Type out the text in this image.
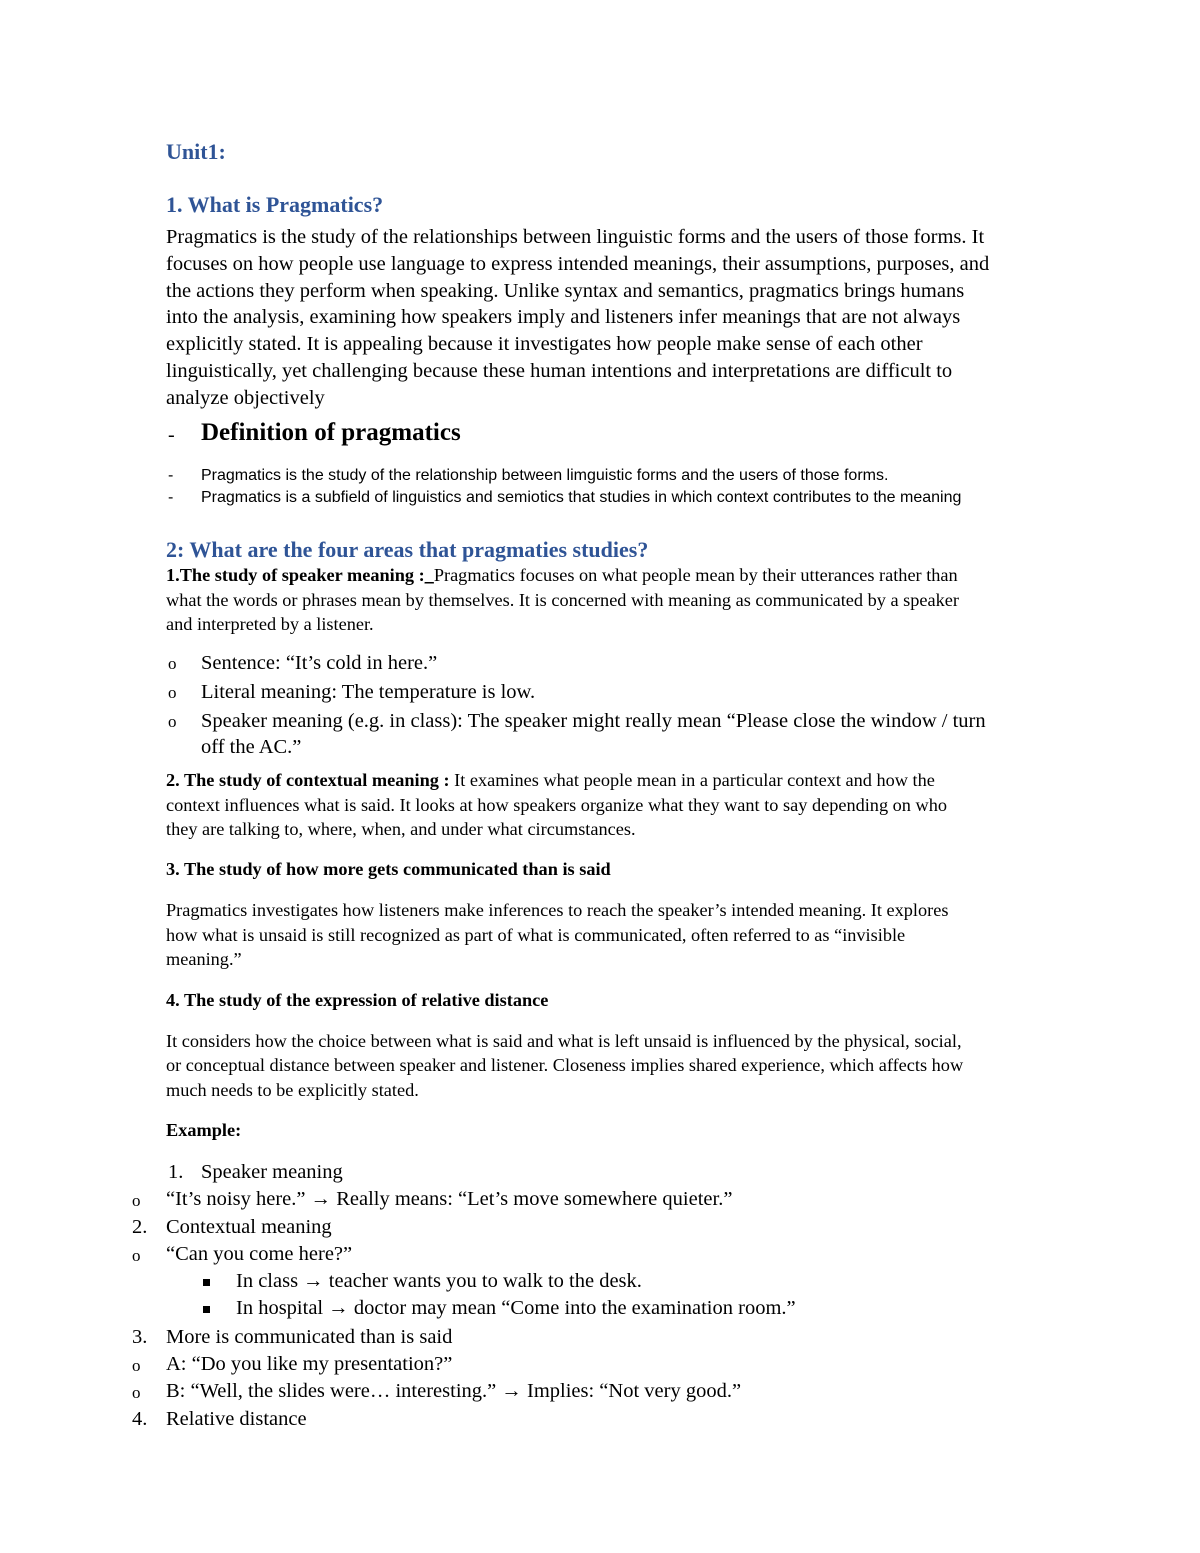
Unit1:
1. What is Pragmatics?
Pragmatics is the study of the relationships between linguistic forms and the users of those forms. It
focuses on how people use language to express intended meanings, their assumptions, purposes, and
the actions they perform when speaking. Unlike syntax and semantics, pragmatics brings humans
into the analysis, examining how speakers imply and listeners infer meanings that are not always
explicitly stated. It is appealing because it investigates how people make sense of each other
linguistically, yet challenging because these human intentions and interpretations are difficult to
analyze objectively
- Definition of pragmatics
- Pragmatics is the study of the relationship between limguistic forms and the users of those forms.
- Pragmatics is a subfield of linguistics and semiotics that studies in which context contributes to the meaning
2: What are the four areas that pragmaties studies?
1.The study of speaker meaning :_Pragmatics focuses on what people mean by their utterances rather than
what the words or phrases mean by themselves. It is concerned with meaning as communicated by a speaker
and interpreted by a listener.
o Sentence: “It’s cold in here.”
o Literal meaning: The temperature is low.
o Speaker meaning (e.g. in class): The speaker might really mean “Please close the window / turn
off the AC.”
2. The study of contextual meaning : It examines what people mean in a particular context and how the
context influences what is said. It looks at how speakers organize what they want to say depending on who
they are talking to, where, when, and under what circumstances.
3. The study of how more gets communicated than is said
Pragmatics investigates how listeners make inferences to reach the speaker’s intended meaning. It explores
how what is unsaid is still recognized as part of what is communicated, often referred to as “invisible
meaning.”
4. The study of the expression of relative distance
It considers how the choice between what is said and what is left unsaid is influenced by the physical, social,
or conceptual distance between speaker and listener. Closeness implies shared experience, which affects how
much needs to be explicitly stated.
Example:
1. Speaker meaning
o “It’s noisy here.” → Really means: “Let’s move somewhere quieter.”
2. Contextual meaning
o “Can you come here?”
In class → teacher wants you to walk to the desk.
In hospital → doctor may mean “Come into the examination room.”
3. More is communicated than is said
o A: “Do you like my presentation?”
o B: “Well, the slides were… interesting.” → Implies: “Not very good.”
4. Relative distance
